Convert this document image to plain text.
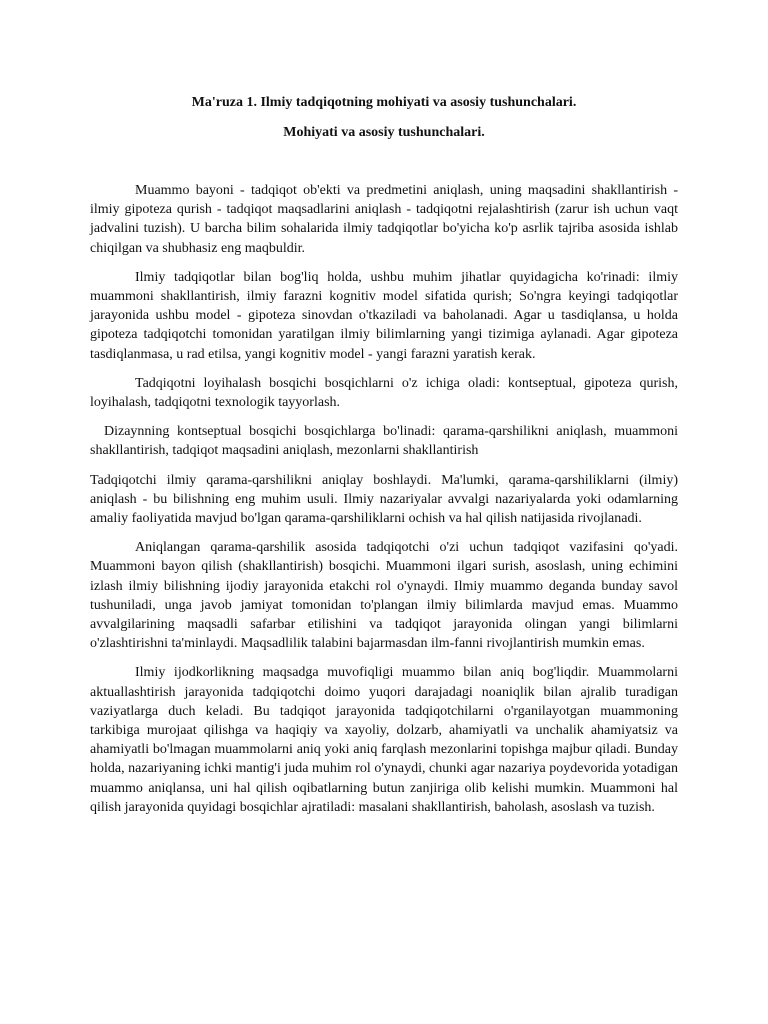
Ma'ruza 1. Ilmiy tadqiqotning mohiyati va asosiy tushunchalari.
Mohiyati va asosiy tushunchalari.

Muammo bayoni - tadqiqot ob'ekti va predmetini aniqlash, uning maqsadini shakllantirish - ilmiy gipoteza qurish - tadqiqot maqsadlarini aniqlash - tadqiqotni rejalashtirish (zarur ish uchun vaqt jadvalini tuzish). U barcha bilim sohalarida ilmiy tadqiqotlar bo'yicha ko'p asrlik tajriba asosida ishlab chiqilgan va shubhasiz eng maqbuldir.

Ilmiy tadqiqotlar bilan bog'liq holda, ushbu muhim jihatlar quyidagicha ko'rinadi: ilmiy muammoni shakllantirish, ilmiy farazni kognitiv model sifatida qurish; So'ngra keyingi tadqiqotlar jarayonida ushbu model - gipoteza sinovdan o'tkaziladi va baholanadi. Agar u tasdiqlansa, u holda gipoteza tadqiqotchi tomonidan yaratilgan ilmiy bilimlarning yangi tizimiga aylanadi. Agar gipoteza tasdiqlanmasa, u rad etilsa, yangi kognitiv model - yangi farazni yaratish kerak.

Tadqiqotni loyihalash bosqichi bosqichlarni o'z ichiga oladi: kontseptual, gipoteza qurish, loyihalash, tadqiqotni texnologik tayyorlash.

Dizaynning kontseptual bosqichi bosqichlarga bo'linadi: qarama-qarshilikni aniqlash, muammoni shakllantirish, tadqiqot maqsadini aniqlash, mezonlarni shakllantirish

Tadqiqotchi ilmiy qarama-qarshilikni aniqlay boshlaydi. Ma'lumki, qarama-qarshiliklarni (ilmiy) aniqlash - bu bilishning eng muhim usuli. Ilmiy nazariyalar avvalgi nazariyalarda yoki odamlarning amaliy faoliyatida mavjud bo'lgan qarama-qarshiliklarni ochish va hal qilish natijasida rivojlanadi.

Aniqlangan qarama-qarshilik asosida tadqiqotchi o'zi uchun tadqiqot vazifasini qo'yadi. Muammoni bayon qilish (shakllantirish) bosqichi. Muammoni ilgari surish, asoslash, uning echimini izlash ilmiy bilishning ijodiy jarayonida etakchi rol o'ynaydi. Ilmiy muammo deganda bunday savol tushuniladi, unga javob jamiyat tomonidan to'plangan ilmiy bilimlarda mavjud emas. Muammo avvalgilarining maqsadli safarbar etilishini va tadqiqot jarayonida olingan yangi bilimlarni o'zlashtirishni ta'minlaydi. Maqsadlilik talabini bajarmasdan ilm-fanni rivojlantirish mumkin emas.

Ilmiy ijodkorlikning maqsadga muvofiqligi muammo bilan aniq bog'liqdir. Muammolarni aktuallashtirish jarayonida tadqiqotchi doimo yuqori darajadagi noaniqlik bilan ajralib turadigan vaziyatlarga duch keladi. Bu tadqiqot jarayonida tadqiqotchilarni o'rganilayotgan muammoning tarkibiga murojaat qilishga va haqiqiy va xayoliy, dolzarb, ahamiyatli va unchalik ahamiyatsiz va ahamiyatli bo'lmagan muammolarni aniq yoki aniq farqlash mezonlarini topishga majbur qiladi. Bunday holda, nazariyaning ichki mantig'i juda muhim rol o'ynaydi, chunki agar nazariya poydevorida yotadigan muammo aniqlansa, uni hal qilish oqibatlarning butun zanjiriga olib kelishi mumkin. Muammoni hal qilish jarayonida quyidagi bosqichlar ajratiladi: masalani shakllantirish, baholash, asoslash va tuzish.
